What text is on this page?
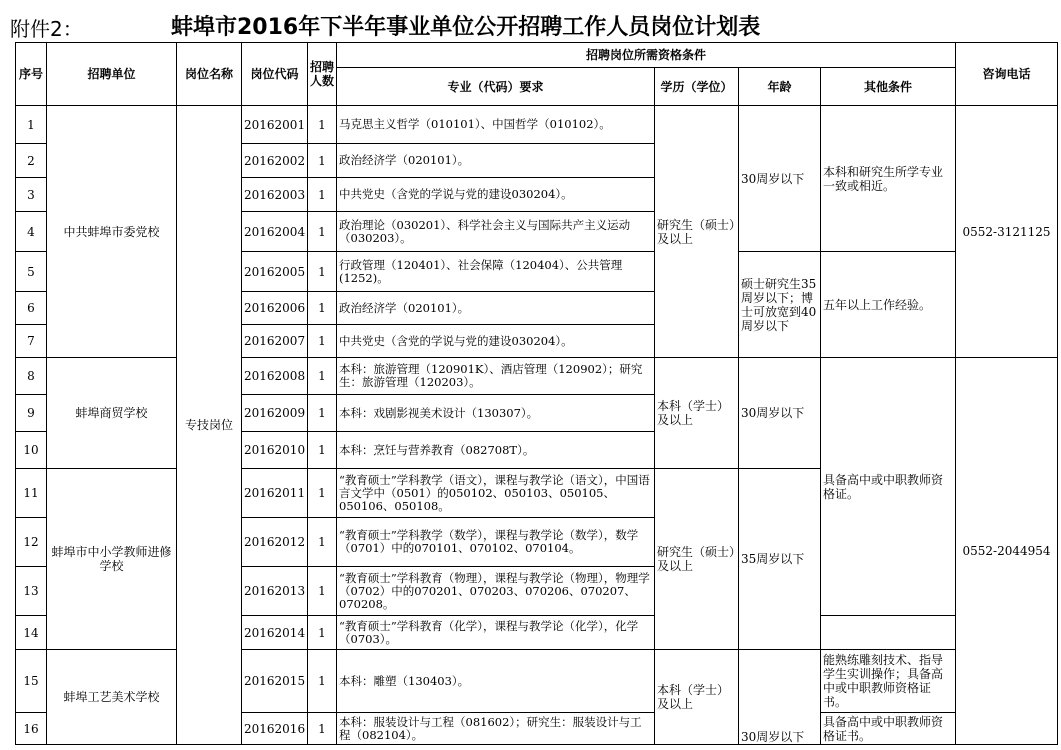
附件2：	蚌埠市2016年下半年事业单位公开招聘工作人员岗位计划表
序号	招聘单位	岗位名称	岗位代码	招聘人数	招聘岗位所需资格条件				咨询电话
					专业（代码）要求	学历（学位）	年龄	其他条件	
1	中共蚌埠市委党校	专技岗位	20162001	1	马克思主义哲学（010101）、中国哲学（010102）。	研究生（硕士）及以上	30周岁以下	本科和研究生所学专业一致或相近。	0552-3121125
2			20162002	1	政治经济学（020101）。				
3			20162003	1	中共党史（含党的学说与党的建设030204）。				
4			20162004	1	政治理论（030201）、科学社会主义与国际共产主义运动（030203）。				
5			20162005	1	行政管理（120401）、社会保障（120404）、公共管理(1252)。		硕士研究生35周岁以下；博士可放宽到40周岁以下	五年以上工作经验。	
6			20162006	1	政治经济学（020101）。				
7			20162007	1	中共党史（含党的学说与党的建设030204）。				
8	蚌埠商贸学校		20162008	1	本科：旅游管理（120901K）、酒店管理（120902）；研究生：旅游管理（120203）。	本科（学士）及以上	30周岁以下	具备高中或中职教师资格证。	0552-2044954
9			20162009	1	本科：戏剧影视美术设计（130307）。				
10			20162010	1	本科：烹饪与营养教育（082708T）。				
11	蚌埠市中小学教师进修学校		20162011	1	“教育硕士”学科教学（语文），课程与教学论（语文），中国语言文学中（0501）的050102、050103、050105、050106、050108。	研究生（硕士）及以上	35周岁以下		
12			20162012	1	“教育硕士”学科教学（数学），课程与教学论（数学），数学（0701）中的070101、070102、070104。				
13			20162013	1	“教育硕士”学科教育（物理），课程与教学论（物理），物理学（0702）中的070201、070203、070206、070207、070208。				
14			20162014	1	“教育硕士”学科教育（化学），课程与教学论（化学），化学（0703）。				
15	蚌埠工艺美术学校		20162015	1	本科：雕塑（130403）。	本科（学士）及以上	30周岁以下	能熟练雕刻技术、指导学生实训操作；具备高中或中职教师资格证书。	
16			20162016	1	本科：服装设计与工程（081602）；研究生：服装设计与工程（082104）。			具备高中或中职教师资格证书。	
